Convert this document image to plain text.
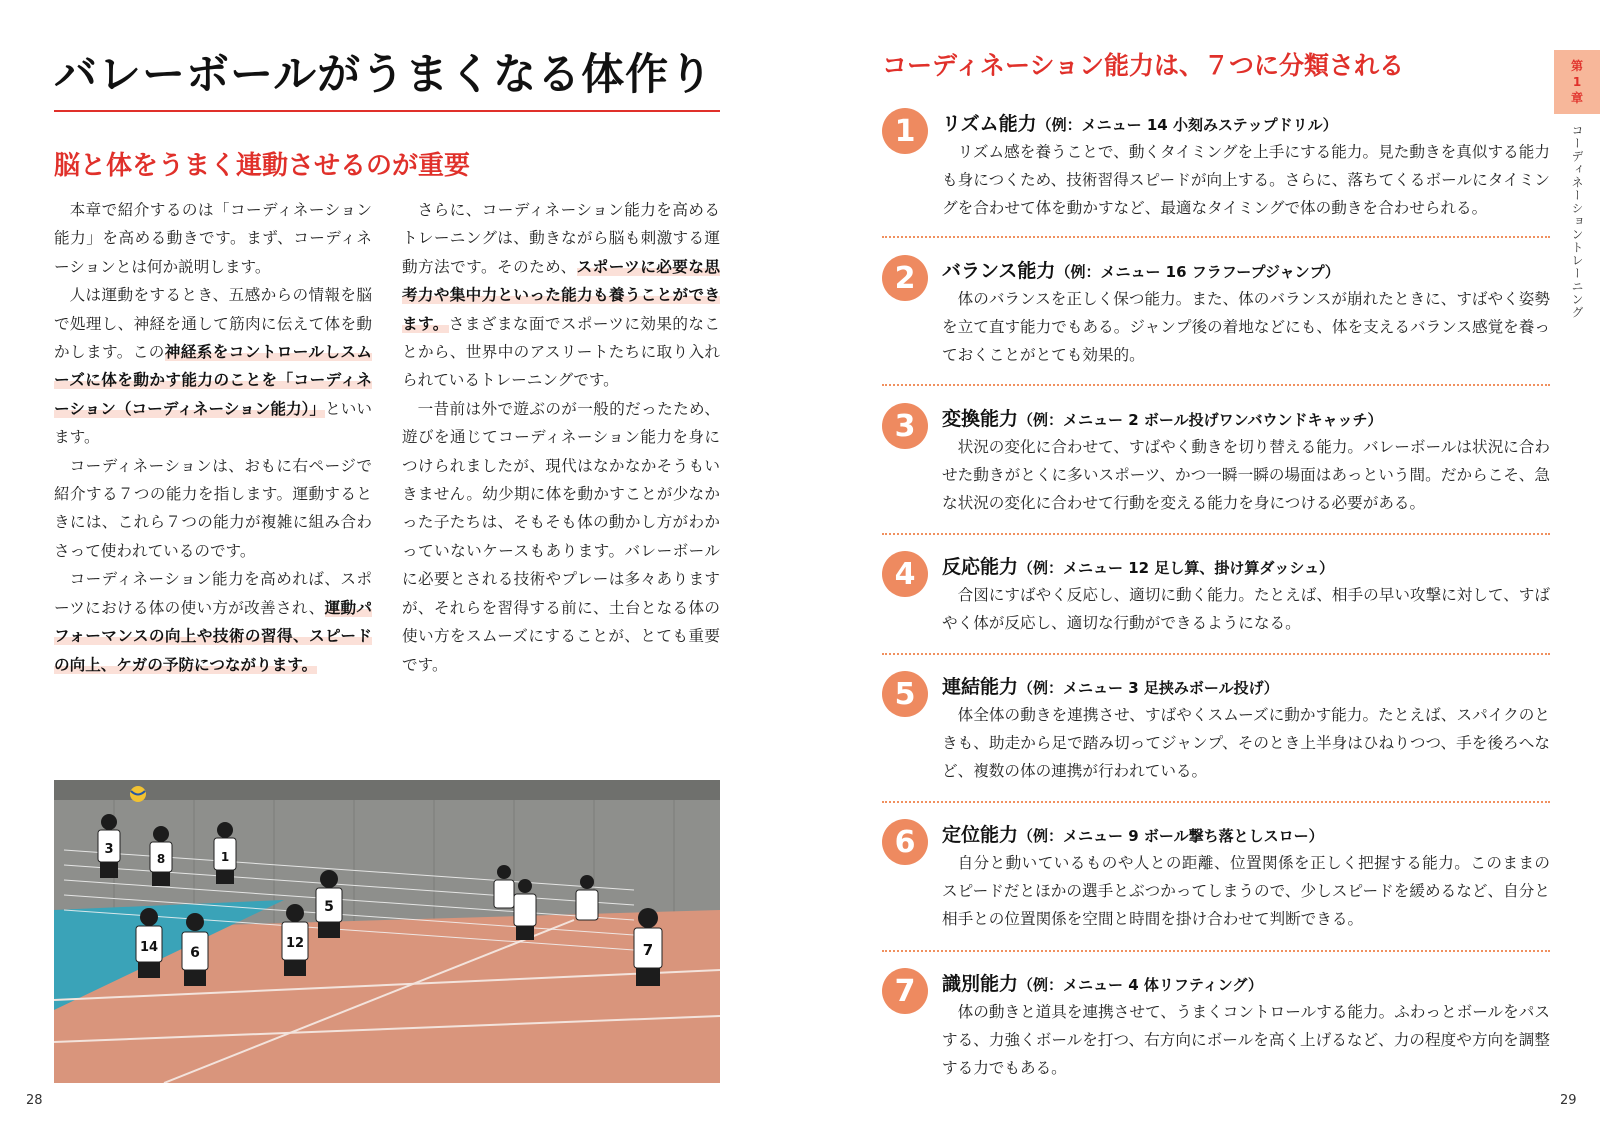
バレーボールがうまくなる体作り
脳と体をうまく連動させるのが重要

本章で紹介するのは「コーディネーション能力」を高める動きです。まず、コーディネーションとは何か説明します。

人は運動をするとき、五感からの情報を脳で処理し、神経を通して筋肉に伝えて体を動かします。この神経系をコントロールしスムーズに体を動かす能力のことを「コーディネーション（コーディネーション能力）」といいます。

コーディネーションは、おもに右ページで紹介する７つの能力を指します。運動するときには、これら７つの能力が複雑に組み合わさって使われているのです。

コーディネーション能力を高めれば、スポーツにおける体の使い方が改善され、運動パフォーマンスの向上や技術の習得、スピードの向上、ケガの予防につながります。

さらに、コーディネーション能力を高めるトレーニングは、動きながら脳も刺激する運動方法です。そのため、スポーツに必要な思考力や集中力といった能力も養うことができます。さまざまな面でスポーツに効果的なことから、世界中のアスリートたちに取り入れられているトレーニングです。

一昔前は外で遊ぶのが一般的だったため、遊びを通じてコーディネーション能力を身につけられましたが、現代はなかなかそうもいきません。幼少期に体を動かすことが少なかった子たちは、そもそも体の動かし方がわかっていないケースもあります。バレーボールに必要とされる技術やプレーは多々ありますが、それらを習得する前に、土台となる体の使い方をスムーズにすることが、とても重要です。

3
8	1
5
14 6
12	7
28
コーディネーション能力は、７つに分類される	第
1
章
コーディネーショントレーニング
1	リズム能力（例：メニュー 14 小刻みステップドリル）
リズム感を養うことで、動くタイミングを上手にする能力。見た動きを真似する能力も身につくため、技術習得スピードが向上する。さらに、落ちてくるボールにタイミングを合わせて体を動かすなど、最適なタイミングで体の動きを合わせられる。
2	バランス能力（例：メニュー 16 フラフープジャンプ）
体のバランスを正しく保つ能力。また、体のバランスが崩れたときに、すばやく姿勢を立て直す能力でもある。ジャンプ後の着地などにも、体を支えるバランス感覚を養っておくことがとても効果的。
3	変換能力（例：メニュー 2 ボール投げワンバウンドキャッチ）
状況の変化に合わせて、すばやく動きを切り替える能力。バレーボールは状況に合わせた動きがとくに多いスポーツ、かつ一瞬一瞬の場面はあっという間。だからこそ、急な状況の変化に合わせて行動を変える能力を身につける必要がある。
4	反応能力（例：メニュー 12 足し算、掛け算ダッシュ）
合図にすばやく反応し、適切に動く能力。たとえば、相手の早い攻撃に対して、すばやく体が反応し、適切な行動ができるようになる。
5	連結能力（例：メニュー 3 足挟みボール投げ）
体全体の動きを連携させ、すばやくスムーズに動かす能力。たとえば、スパイクのときも、助走から足で踏み切ってジャンプ、そのとき上半身はひねりつつ、手を後ろへなど、複数の体の連携が行われている。
6	定位能力（例：メニュー 9 ボール撃ち落としスロー）
自分と動いているものや人との距離、位置関係を正しく把握する能力。このままのスピードだとほかの選手とぶつかってしまうので、少しスピードを緩めるなど、自分と相手との位置関係を空間と時間を掛け合わせて判断できる。
7	識別能力（例：メニュー 4 体リフティング）
体の動きと道具を連携させて、うまくコントロールする能力。ふわっとボールをパスする、力強くボールを打つ、右方向にボールを高く上げるなど、力の程度や方向を調整する力でもある。
29
